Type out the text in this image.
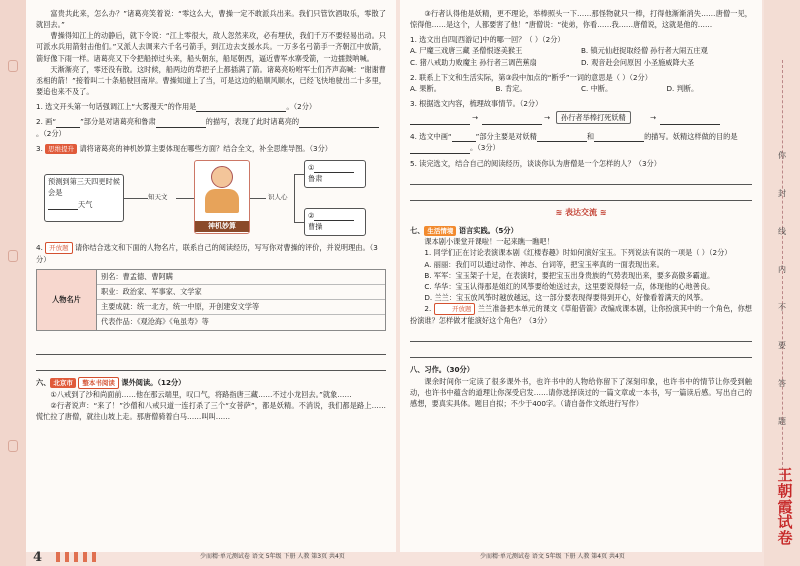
富贵共此来，怎么办？”诸葛亮笑着说：“零这么大，曹操一定不敢派兵出来。我们只管饮酒取乐，零散了就回去。”
曹操得知江上的动静后，就下令说：“江上零很大，敌人忽然来攻，必有埋伏，我们千万不要轻易出动。只可派水兵用箭射击他们。”又派人去调来六千名弓箭手，到江边去支援水兵。一万多名弓箭手一齐朝江中放箭，箭好像下雨一样。诸葛亮又下令把船掉过头来，船头朝东，船尾朝西，逼近曹军水寨受箭，一边擂鼓呐喊。
天渐渐亮了，零还没有散。这时候，船两边的草把子上都插满了箭。诸葛亮吩咐军士们齐声高喊：“谢谢曹丞相的箭！”接着叫二十条船驶回南岸。曹操知道上了当，可是这边的船顺风顺水，已经飞快地驶出二十多里，要追也来不及了。
1. 选文开头第一句话强调江上“大雾漫天”的作用是	。（2分）
2. 画“	”部分是对诸葛亮和鲁肃	的描写，表现了此时诸葛亮的。（2分）
3. 思维提升 请将诸葛亮的神机妙算主要体现在哪些方面？结合全文，补全思维导图。（3分）
预测到第三天四更时候会是
天气
知天文
神机妙算
识人心
①
鲁肃
②
曹操
4. 开放题 请你结合选文和下面的人物名片，联系自己的阅读经历，写写你对曹操的评价，并说明理由。（3分）
人物名片
别名：曹孟德、曹阿瞒
职业：政治家、军事家、文学家
主要成就：统一北方，统一中原，开创建安文学等
代表作品：《观沧海》《龟虽寿》等
六、 北京市 整本书阅读 课外阅读。（12分）
①八戒到了沙和尚面前……他在那云端里，叹口气，将路指唐三藏……不过小龙回去。”就象……
②行者说声：“来了！”沙僧和八戒只道一连打杀了三个“女菩萨”，都是妖精。不消说，我们都是路上……慌忙拉了唐僧，就往山坡上走。那唐僧骑着白马……叫叫……
4	少而精·单元测试卷 语文 5年级 下册 人教 第3页 共4页
③行者认得他是妖精，更不理论，举棒照头一下……那怪物就只一棒，打得他渐渐消失……唐僧一见，惊得他……是这个，人都要害了他！”唐僧说：“徒弟，你看……我……唐僧说，这就是他的……
1. 选文出自四[西游记]中的哪一回？（ ）（2分）
A. 尸魔三戏唐三藏 圣僧恨逐美猴王	B. 镇元仙赶捉取经僧 孙行者大闹五庄观
C. 猪八戒助力败魔主 孙行者三调芭蕉扇	D. 观音赴会问原因 小圣施威降大圣
2. 联系上下文和生活实际，第③段中加点的“断乎”一词的意思是（ ）（2分）
A. 果断。	B. 肯定。	C. 中断。	D. 判断。
3. 根据选文内容，梳理故事情节。（2分）
→	→	孙行者举棒打死妖精	→
4. 选文中画“	”部分主要是对妖精	和	的描写。妖精这样做的目的是。（3分）
5. 读完选文，结合自己的阅读经历，谈谈你认为唐僧是一个怎样的人？（3分）
≋ 表达交流 ≋
七、 生活情境 语言实践。（5分）
课本剧小课堂开课啦！一起来瞧一瞧吧！
1. 同学们正在讨论表演课本剧《红楼春趣》时如何演好宝玉。下列说法有误的一项是（ ）（2分）
A. 丽丽：我们可以通过动作、神态、台词等，把宝玉率真的一面表现出来。
B. 军军：宝玉架子十足，在表演时，要把宝玉出身贵族的气势表现出来，要多高傲多霸道。
C. 华华：宝玉认得那是姐红的风筝要给她送过去，这里要说得轻一点，体现他的心地善良。
D. 兰兰：宝玉放风筝时越放越远，这一部分要表现得要得到开心，好像看着满天的风筝。
2.	开放题 兰兰准备把本单元的课文《草船借箭》改编成课本剧，让你扮演其中的一个角色，你想扮演谁？怎样做才能演好这个角色？（3分）
八、习作。（30分）
课余时间你一定读了很多课外书，也许书中的人物给你留下了深刻印象，也许书中的情节让你受到触动，也许书中蕴含的道理让你深受启发……请你选择读过的一篇文章或一本书，写一篇读后感。写出自己的感想，要真实具体。题目自拟；不少于400字。（请自备作文纸进行写作）
少而精·单元测试卷 语文 5年级 下册 人教 第4页 共4页
你
封
线
内
不
要
答
题
王
朝
霞
试
卷
